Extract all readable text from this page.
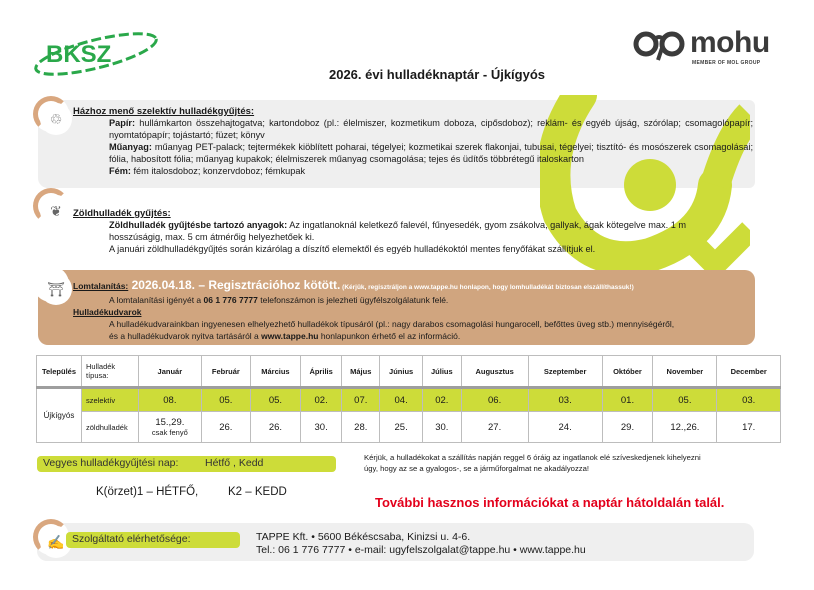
BKSZ	mohu
MEMBER OF MOL GROUP
2026. évi hulladéknaptár - Újkígyós
♲	Házhoz menő szelektív hulladékgyűjtés:
Papír: hullámkarton összehajtogatva; kartondoboz (pl.: élelmiszer, kozmetikum doboza, cipősdoboz); reklám- és egyéb újság, szórólap; csomagolópapír; nyomtatópapír; tojástartó; füzet; könyv
Műanyag: műanyag PET-palack; tejtermékek kiöblített poharai, tégelyei; kozmetikai szerek flakonjai, tubusai, tégelyei; tisztító- és mosószerek csomagolásai; fólia, habosított fólia; műanyag kupakok; élelmiszerek műanyag csomagolása; tejes és üdítős többrétegű italoskarton
Fém: fém italosdoboz; konzervdoboz; fémkupak
❦	Zöldhulladék gyűjtés:
Zöldhulladék gyűjtésbe tartozó anyagok: Az ingatlanoknál keletkező falevél, fűnyesedék, gyom zsákolva, gallyak, ágak kötegelve max. 1 m hosszúságig, max. 5 cm átmérőig helyezhetőek ki.
A januári zöldhulladékgyűjtés során kizárólag a díszítő elemektől és egyéb hulladékoktól mentes fenyőfákat szállítjuk el.
⛩ Lomtalanítás: 2026.04.18. – Regisztrációhoz kötött. (Kérjük, regisztráljon a www.tappe.hu honlapon, hogy lomhulladékát biztosan elszállíthassuk!)
A lomtalanítási igényét a 06 1 776 7777 telefonszámon is jelezheti ügyfélszolgálatunk felé.
Hulladékudvarok
A hulladékudvarainkban ingyenesen elhelyezhető hulladékok típusáról (pl.: nagy darabos csomagolási hungarocell, befőttes üveg stb.) mennyiségéről,
és a hulladékudvarok nyitva tartásáról a www.tappe.hu honlapunkon érhető el az információ.
Település	Hulladék típusa:	Január	Február	Március	Április	Május	Június	Július	Augusztus	Szeptember	Október	November	December
Újkígyós	szelektív	08.	05.	05.	02.	07.	04.	02.	06.	03.	01.	05.	03.
	zöldhulladék	15.,29.
csak fenyő	26.	26.	30.	28.	25.	30.	27.	24.	29.	12.,26.	17.
Vegyes hulladékgyűjtési nap:	Hétfő , Kedd
K(örzet)1 – HÉTFŐ,	K2 – KEDD
Kérjük, a hulladékokat a szállítás napján reggel 6 óráig az ingatlanok elé szíveskedjenek kihelyezni
úgy, hogy az se a gyalogos-, se a járműforgalmat ne akadályozza!
További hasznos információkat a naptár hátoldalán talál.
✍ Szolgáltató elérhetősége:	TAPPE Kft. • 5600 Békéscsaba, Kinizsi u. 4-6.
Tel.: 06 1 776 7777 • e-mail: ugyfelszolgalat@tappe.hu • www.tappe.hu
